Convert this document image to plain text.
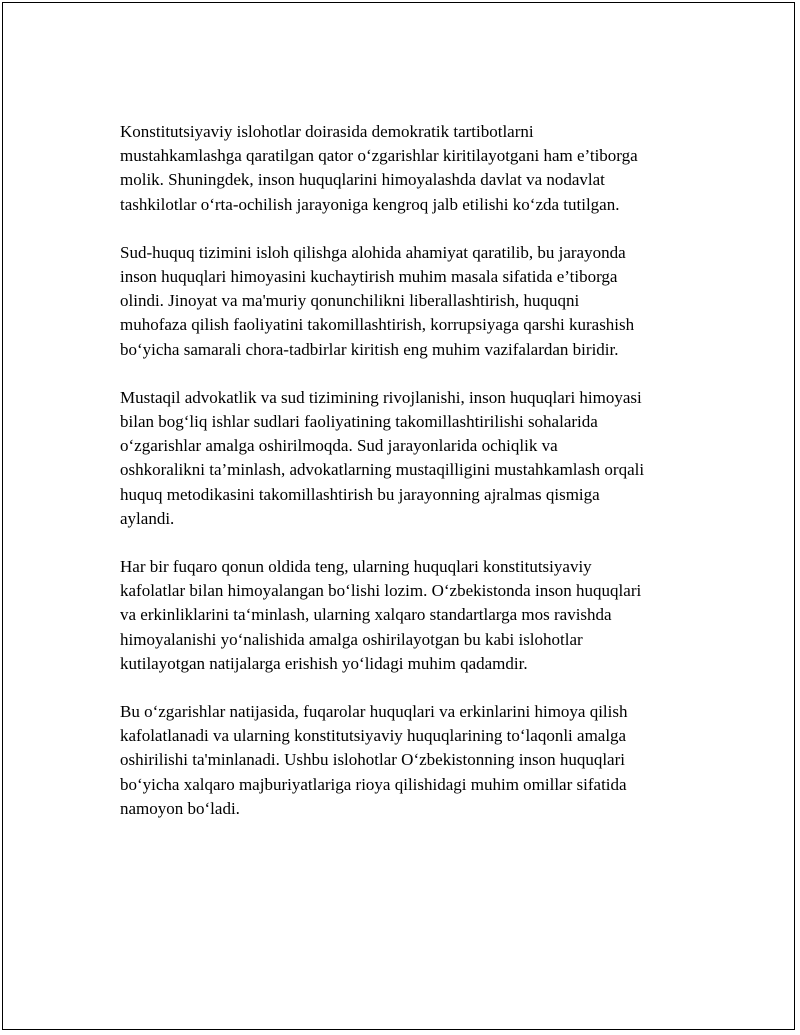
Konstitutsiyaviy islohotlar doirasida demokratik tartibotlarni
mustahkamlashga qaratilgan qator o‘zgarishlar kiritilayotgani ham e’tiborga
molik. Shuningdek, inson huquqlarini himoyalashda davlat va nodavlat
tashkilotlar o‘rta-ochilish jarayoniga kengroq jalb etilishi ko‘zda tutilgan.

Sud-huquq tizimini isloh qilishga alohida ahamiyat qaratilib, bu jarayonda
inson huquqlari himoyasini kuchaytirish muhim masala sifatida e’tiborga
olindi. Jinoyat va ma'muriy qonunchilikni liberallashtirish, huquqni
muhofaza qilish faoliyatini takomillashtirish, korrupsiyaga qarshi kurashish
bo‘yicha samarali chora-tadbirlar kiritish eng muhim vazifalardan biridir.

Mustaqil advokatlik va sud tizimining rivojlanishi, inson huquqlari himoyasi
bilan bog‘liq ishlar sudlari faoliyatining takomillashtirilishi sohalarida
o‘zgarishlar amalga oshirilmoqda. Sud jarayonlarida ochiqlik va
oshkoralikni ta’minlash, advokatlarning mustaqilligini mustahkamlash orqali
huquq metodikasini takomillashtirish bu jarayonning ajralmas qismiga
aylandi.

Har bir fuqaro qonun oldida teng, ularning huquqlari konstitutsiyaviy
kafolatlar bilan himoyalangan bo‘lishi lozim. O‘zbekistonda inson huquqlari
va erkinliklarini ta‘minlash, ularning xalqaro standartlarga mos ravishda
himoyalanishi yo‘nalishida amalga oshirilayotgan bu kabi islohotlar
kutilayotgan natijalarga erishish yo‘lidagi muhim qadamdir.

Bu o‘zgarishlar natijasida, fuqarolar huquqlari va erkinlarini himoya qilish
kafolatlanadi va ularning konstitutsiyaviy huquqlarining to‘laqonli amalga
oshirilishi ta'minlanadi. Ushbu islohotlar O‘zbekistonning inson huquqlari
bo‘yicha xalqaro majburiyatlariga rioya qilishidagi muhim omillar sifatida
namoyon bo‘ladi.
